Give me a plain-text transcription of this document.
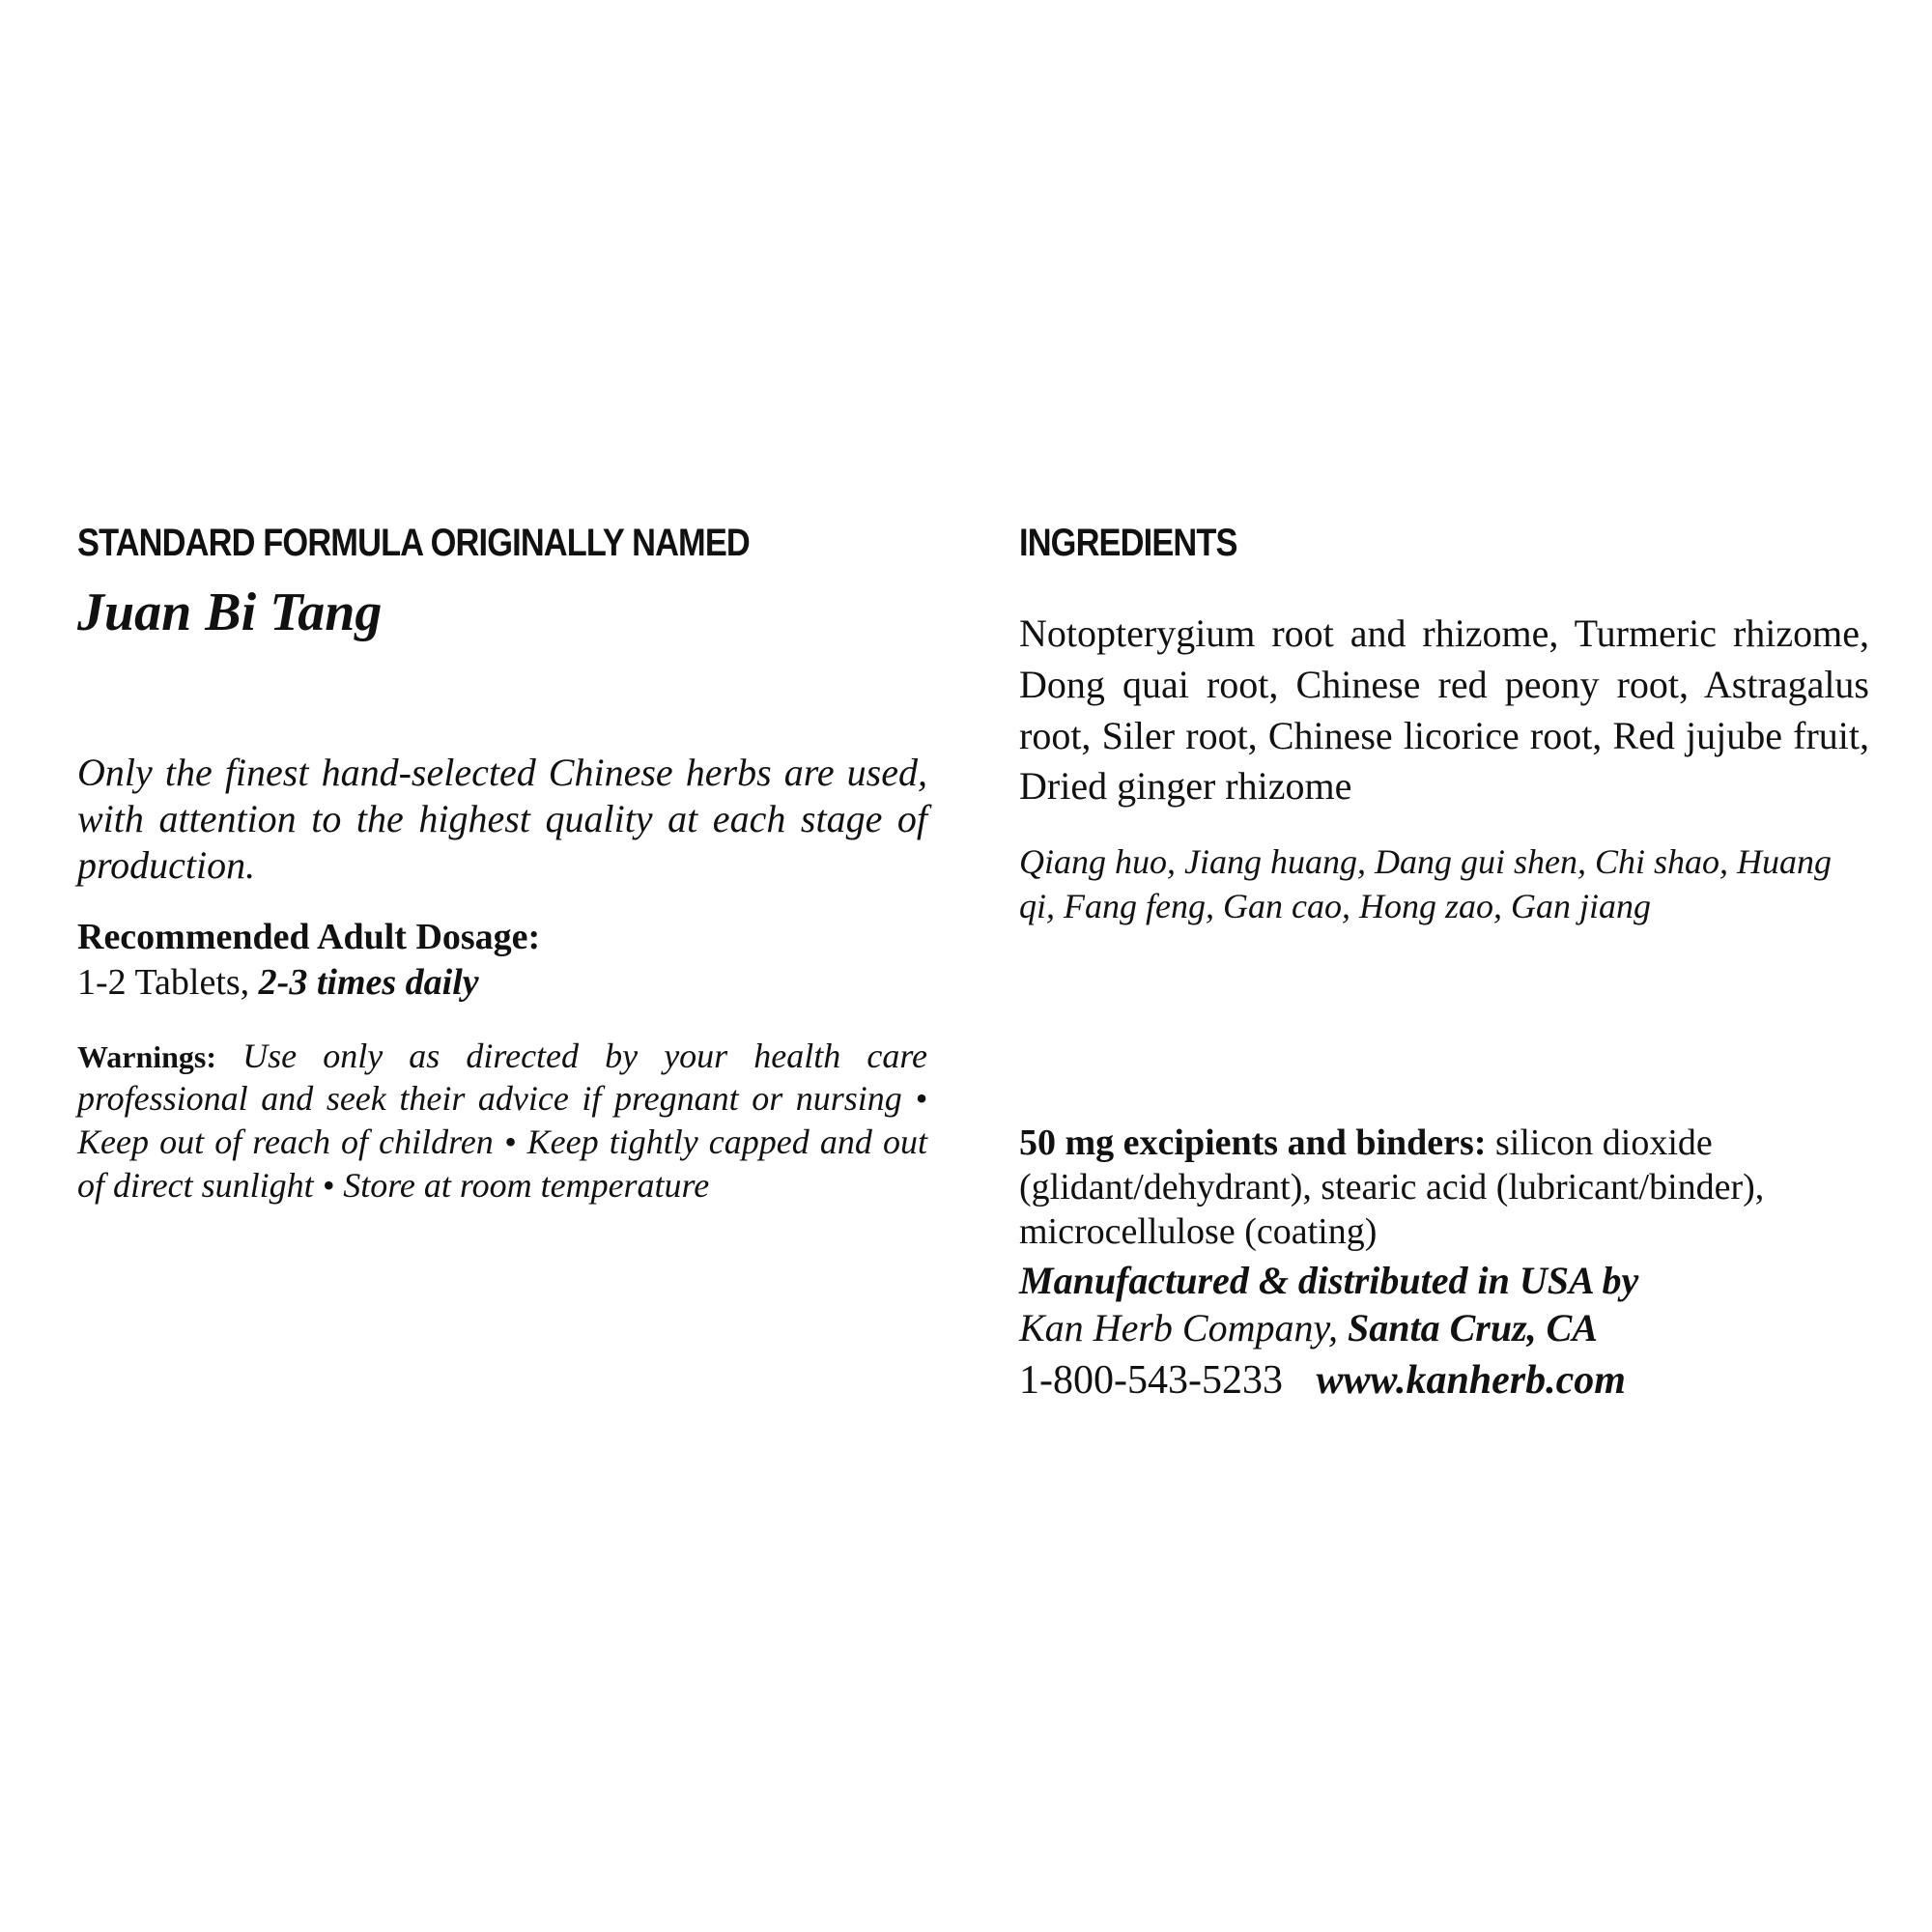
STANDARD FORMULA ORIGINALLY NAMED
Juan Bi Tang

Only the finest hand-selected Chinese herbs are used, with attention to the highest quality at each stage of production.

Recommended Adult Dosage:
1-2 Tablets, 2-3 times daily

Warnings: Use only as directed by your health care professional and seek their advice if pregnant or nursing • Keep out of reach of children • Keep tightly capped and out of direct sunlight • Store at room temperature

INGREDIENTS

Notopterygium root and rhizome, Turmeric rhizome, Dong quai root, Chinese red peony root, Astragalus root, Siler root, Chinese licorice root, Red jujube fruit, Dried ginger rhizome

Qiang huo, Jiang huang, Dang gui shen, Chi shao, Huang qi, Fang feng, Gan cao, Hong zao, Gan jiang

50 mg excipients and binders: silicon dioxide (glidant/dehydrant), stearic acid (lubricant/binder), microcellulose (coating)

Manufactured & distributed in USA by
Kan Herb Company, Santa Cruz, CA
1-800-543-5233 www.kanherb.com
